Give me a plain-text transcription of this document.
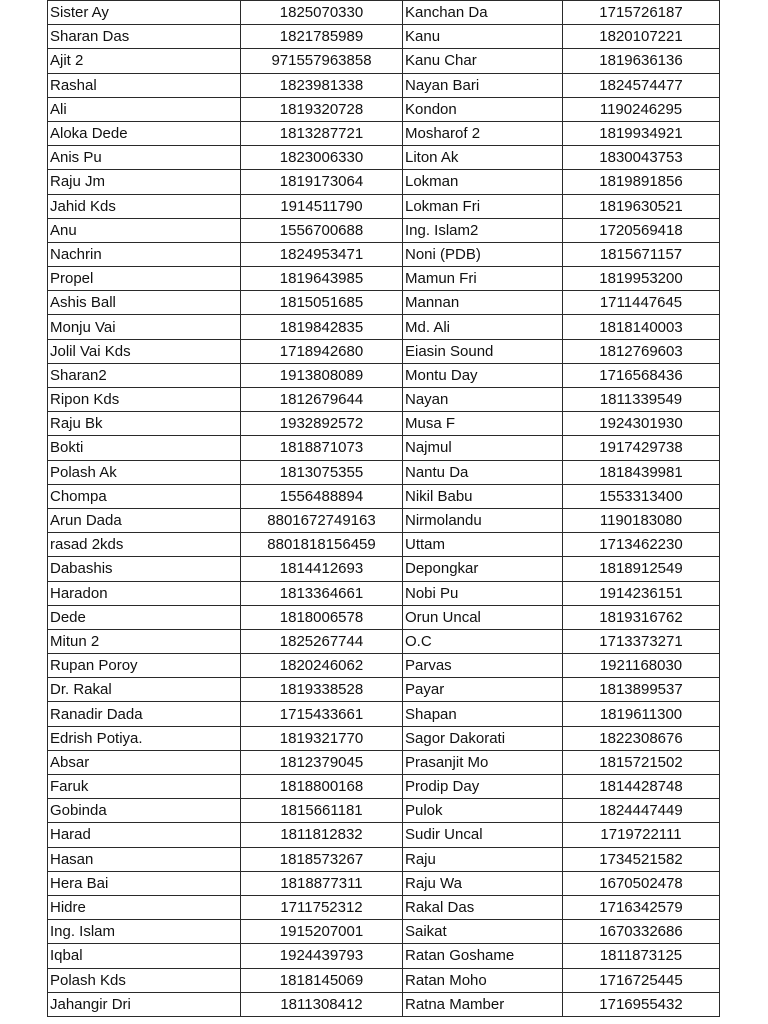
Sister Ay	1825070330	Kanchan Da	1715726187
Sharan Das	1821785989	Kanu	1820107221
Ajit 2	971557963858	Kanu Char	1819636136
Rashal	1823981338	Nayan Bari	1824574477
Ali	1819320728	Kondon	1190246295
Aloka Dede	1813287721	Mosharof 2	1819934921
Anis Pu	1823006330	Liton Ak	1830043753
Raju Jm	1819173064	Lokman	1819891856
Jahid Kds	1914511790	Lokman Fri	1819630521
Anu	1556700688	Ing. Islam2	1720569418
Nachrin	1824953471	Noni (PDB)	1815671157
Propel	1819643985	Mamun Fri	1819953200
Ashis Ball	1815051685	Mannan	1711447645
Monju Vai	1819842835	Md. Ali	1818140003
Jolil Vai Kds	1718942680	Eiasin Sound	1812769603
Sharan2	1913808089	Montu Day	1716568436
Ripon Kds	1812679644	Nayan	1811339549
Raju Bk	1932892572	Musa F	1924301930
Bokti	1818871073	Najmul	1917429738
Polash Ak	1813075355	Nantu Da	1818439981
Chompa	1556488894	Nikil Babu	1553313400
Arun Dada	8801672749163	Nirmolandu	1190183080
rasad 2kds	8801818156459	Uttam	1713462230
Dabashis	1814412693	Depongkar	1818912549
Haradon	1813364661	Nobi Pu	1914236151
Dede	1818006578	Orun Uncal	1819316762
Mitun 2	1825267744	O.C	1713373271
Rupan Poroy	1820246062	Parvas	1921168030
Dr. Rakal	1819338528	Payar	1813899537
Ranadir Dada	1715433661	Shapan	1819611300
Edrish Potiya.	1819321770	Sagor Dakorati	1822308676
Absar	1812379045	Prasanjit Mo	1815721502
Faruk	1818800168	Prodip Day	1814428748
Gobinda	1815661181	Pulok	1824447449
Harad	1811812832	Sudir Uncal	1719722111
Hasan	1818573267	Raju	1734521582
Hera Bai	1818877311	Raju Wa	1670502478
Hidre	1711752312	Rakal Das	1716342579
Ing. Islam	1915207001	Saikat	1670332686
Iqbal	1924439793	Ratan Goshame	1811873125
Polash Kds	1818145069	Ratan Moho	1716725445
Jahangir Dri	1811308412	Ratna Mamber	1716955432
